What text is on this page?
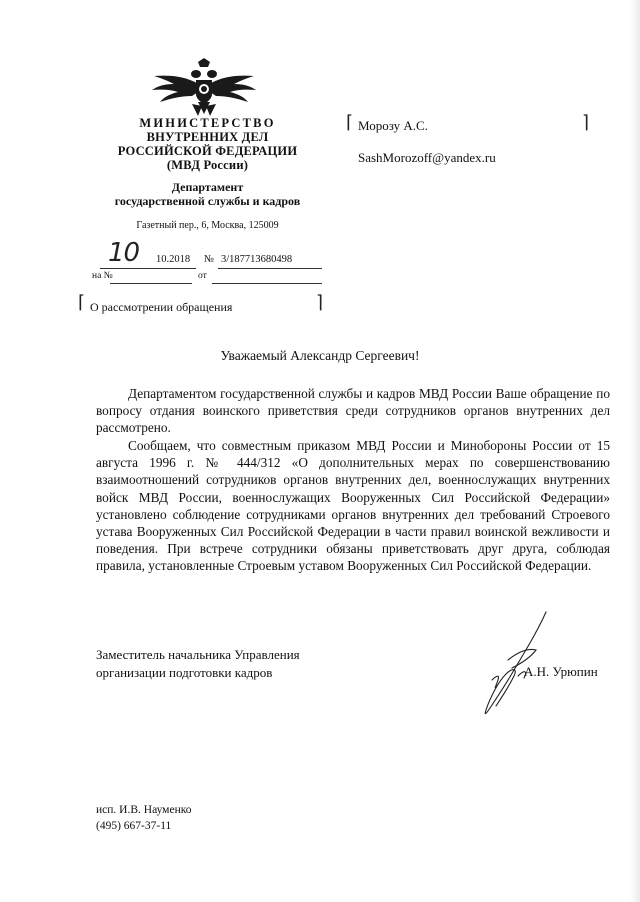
МИНИСТЕРСТВО
ВНУТРЕННИХ ДЕЛ
РОССИЙСКОЙ ФЕДЕРАЦИИ
(МВД России)
Департамент
государственной службы и кадров
Газетный пер., 6, Москва, 125009
⌈	⌉
Морозу А.С.
SashMorozoff@yandex.ru
10 10.2018 № 3/187713680498
на №	от
⌈	⌉
О рассмотрении обращения
Уважаемый Александр Сергеевич!

Департаментом государственной службы и кадров МВД России Ваше обращение по вопросу отдания воинского приветствия среди сотрудников органов внутренних дел рассмотрено.

Сообщаем, что совместным приказом МВД России и Минобороны России от 15 августа 1996 г. № 444/312 «О дополнительных мерах по совершенствованию взаимоотношений сотрудников органов внутренних дел, военнослужащих внутренних войск МВД России, военнослужащих Вооруженных Сил Российской Федерации» установлено соблюдение сотрудниками органов внутренних дел требований Строевого устава Вооруженных Сил Российской Федерации в части правил воинской вежливости и поведения. При встрече сотрудники обязаны приветствовать друг друга, соблюдая правила, установленные Строевым уставом Вооруженных Сил Российской Федерации.

Заместитель начальника Управления
организации подготовки кадров	А.Н. Урюпин
исп. И.В. Науменко
(495) 667-37-11
